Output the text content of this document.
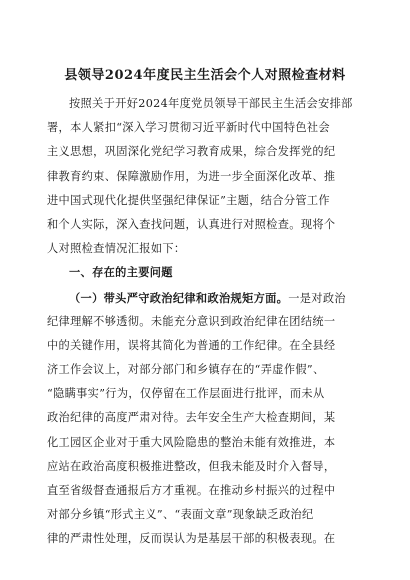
县领导2024年度民主生活会个人对照检查材料
按照关于开好2024年度党员领导干部民主生活会安排部
署，本人紧扣“深入学习贯彻习近平新时代中国特色社会
主义思想，巩固深化党纪学习教育成果，综合发挥党的纪
律教育约束、保障激励作用，为进一步全面深化改革、推
进中国式现代化提供坚强纪律保证”主题，结合分管工作
和个人实际，深入查找问题，认真进行对照检查。现将个
人对照检查情况汇报如下：
一、存在的主要问题
（一）带头严守政治纪律和政治规矩方面。一是对政治
纪律理解不够透彻。未能充分意识到政治纪律在团结统一
中的关键作用，误将其简化为普通的工作纪律。在全县经
济工作会议上，对部分部门和乡镇存在的“弄虚作假”、
“隐瞒事实”行为，仅停留在工作层面进行批评，而未从
政治纪律的高度严肃对待。去年安全生产大检查期间，某
化工园区企业对于重大风险隐患的整治未能有效推进，本
应站在政治高度积极推进整改，但我未能及时介入督导，
直至省级督查通报后方才重视。在推动乡村振兴的过程中
对部分乡镇“形式主义”、“表面文章”现象缺乏政治纪
律的严肃性处理，反而误认为是基层干部的积极表现。在
